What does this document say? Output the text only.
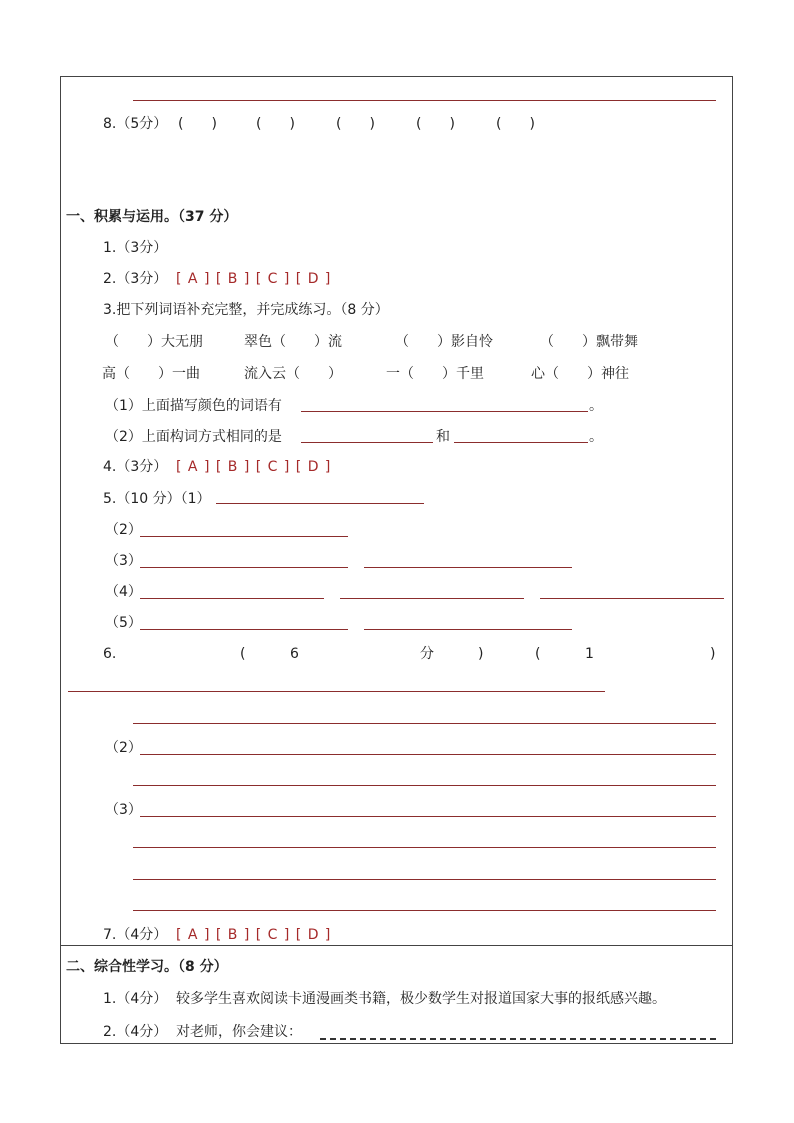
8.（5分） (　　)	(　　)	(　　)	(　　)	(　　)
一、积累与运用。（37 分）
1.（3分）
2.（3分） [ A ] [ B ] [ C ] [ D ]
3.把下列词语补充完整，并完成练习。（8 分）
（　　）大无朋	翠色（　　）流	（　　）影自怜	（　　）飘带舞
高（　　）一曲	流入云（　　）	一（　　）千里	心（　　）神往
（1）上面描写颜色的词语有	。
（2）上面构词方式相同的是	和	。
4.（3分） [ A ] [ B ] [ C ] [ D ]
5.（10 分）（1）
（2）
（3）
（4）
（5）
6.	(	6	分	)	(	1	)
（2）
（3）
7.（4分） [ A ] [ B ] [ C ] [ D ]
二、综合性学习。（8 分）
1.（4分） 较多学生喜欢阅读卡通漫画类书籍，极少数学生对报道国家大事的报纸感兴趣。
2.（4分） 对老师，你会建议：
